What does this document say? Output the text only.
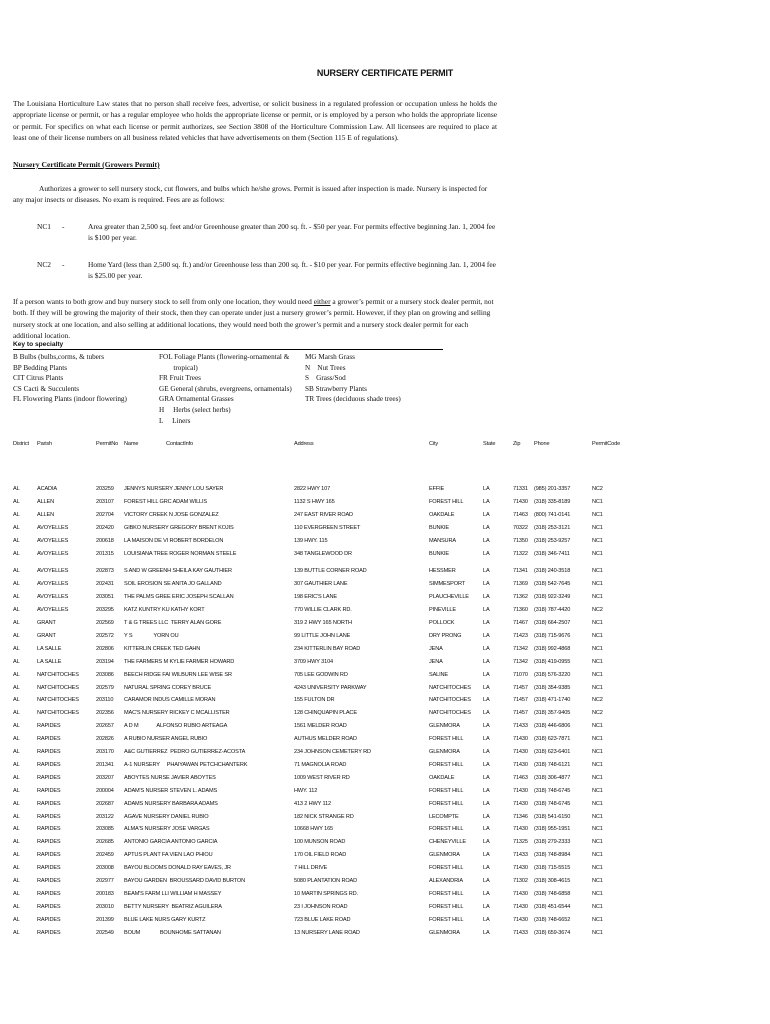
NURSERY CERTIFICATE PERMIT
The Louisiana Horticulture Law states that no person shall receive fees, advertise, or solicit business in a regulated profession or occupation unless he holds the appropriate license or permit, or has a regular employee who holds the appropriate license or permit, or is employed by a person who holds the appropriate license or permit. For specifics on what each license or permit authorizes, see Section 3808 of the Horticulture Commission Law. All licensees are required to place at least one of their license numbers on all business related vehicles that have advertisements on them (Section 115 E of regulations).
Nursery Certificate Permit (Growers Permit)
Authorizes a grower to sell nursery stock, cut flowers, and bulbs which he/she grows. Permit is issued after inspection is made. Nursery is inspected for any major insects or diseases. No exam is required. Fees are as follows:
NC1 -	Area greater than 2,500 sq. feet and/or Greenhouse greater than 200 sq. ft. - $50 per year. For permits effective beginning Jan. 1, 2004 fee is $100 per year.
NC2 -	Home Yard (less than 2,500 sq. ft.) and/or Greenhouse less than 200 sq. ft. - $10 per year. For permits effective beginning Jan. 1, 2004 fee is $25.00 per year.
If a person wants to both grow and buy nursery stock to sell from only one location, they would need either a grower’s permit or a nursery stock dealer permit, not both. If they will be growing the majority of their stock, then they can operate under just a nursery grower’s permit. However, if they plan on growing and selling nursery stock at one location, and also selling at additional locations, they would need both the grower’s permit and a nursery stock dealer permit for each additional location.
Key to specialty
B Bulbs (bulbs,corms, & tubers
BP Bedding Plants
CIT Citrus Plants
CS Cacti & Succulents
FL Flowering Plants (indoor flowering)
FOL Foliage Plants (flowering-ornamental &
tropical)
FR Fruit Trees
GE General (shrubs, evergreens, ornamentals)
GRA Ornamental Grasses
H     Herbs (select herbs)
L     Liners
MG Marsh Grass
N    Nut Trees
S    Grass/Sod
SB Strawberry Plants
TR Trees (deciduous shade trees)
District Parish	PermitNo Name	ContactInfo	Address	City	State	Zip Phone	PermitCode
AL	ACADIA	203259 JENNYS NURSERY JENNY LOU SAYER	2822 HWY 107	EFFIE	LA	71331 (985) 201-3357	NC2
AL	ALLEN	203107 FOREST HILL GRC ADAM WILLIS	1132 S HWY 165	FOREST HILL	LA	71430 (318) 335-8189	NC1
AL	ALLEN	202704 VICTORY CREEK N JOSE GONZALEZ	247 EAST RIVER ROAD	OAKDALE	LA	71463 (800) 741-0141	NC1
AL	AVOYELLES	202420 GIBKO NURSERY GREGORY BRENT KOJIS	110 EVERGREEN STREET	BUNKIE	LA	70322 (318) 253-3121	NC1
AL	AVOYELLES	200618 LA MAISON DE VI ROBERT BORDELON	139 HWY. 115	MANSURA	LA	71350 (318) 253-9257	NC1
AL	AVOYELLES	201315 LOUISIANA TREE ROGER NORMAN STEELE	348 TANGLEWOOD DR	BUNKIE	LA	71322 (318) 346-7411	NC1
AL	AVOYELLES	202873 S AND W GREENH SHEILA KAY GAUTHIER	139 BUTTLE CORNER ROAD	HESSMER	LA	71341 (318) 240-3518	NC1
AL	AVOYELLES	202431 SOIL EROSION SE ANITA JO GALLAND	307 GAUTHIER LANE	SIMMESPORT	LA	71369 (318) 542-7645	NC1
AL	AVOYELLES	203051 THE PALMS GREE ERIC JOSEPH SCALLAN	198 ERIC'S LANE	PLAUCHEVILLE	LA	71362 (318) 922-3249	NC1
AL	AVOYELLES	203295 KATZ KUNTRY KU KATHY KORT	770 WILLIE CLARK RD.	PINEVILLE	LA	71360 (318) 787-4420	NC2
AL	GRANT	202569 T & G TREES LLC  TERRY ALAN GORE	319 2 HWY 165 NORTH	POLLOCK	LA	71467 (318) 664-2507	NC1
AL	GRANT	202572 Y S               YORN OU	99 LITTLE JOHN LANE	DRY PRONG	LA	71423 (318) 715-9676	NC1
AL	LA SALLE	202806 KITTERLIN CREEK TED GAHN	234 KITTERLIN BAY ROAD	JENA	LA	71342 (318) 992-4868	NC1
AL	LA SALLE	203194 THE FARMERS M KYLIE FARMER HOWARD	3709 HWY 3104	JENA	LA	71342 (318) 419-0955	NC1
AL	NATCHITOCHES	203086 BEECH RIDGE FAI WILBURN LEE WISE SR	705 LEE GODWIN RD	SALINE	LA	71070 (318) 576-3220	NC1
AL	NATCHITOCHES	202579 NATURAL SPRING COREY BRUCE	4243 UNIVERSITY PARKWAY	NATCHITOCHES LA	71457 (318) 354-9385	NC1
AL	NATCHITOCHES	203110 CARAMOR INDUS CAMILLE MORAN	155 FULTON DR	NATCHITOCHES LA	71457 (318) 471-1740	NC2
AL	NATCHITOCHES	202356 MAC'S NURSERY RICKEY C MCALLISTER	128 CHINQUAPIN PLACE	NATCHITOCHES LA	71457 (318) 357-9405	NC2
AL	RAPIDES	202657 A D M             ALFONSO RUBIO ARTEAGA	1561 MELDER ROAD	GLENMORA	LA	71433 (318) 446-6806	NC1
AL	RAPIDES	202826 A RUBIO NURSER ANGEL RUBIO	AUTHUS MELDER ROAD	FOREST HILL	LA	71430 (318) 623-7871	NC1
AL	RAPIDES	203170 A&C GUTIERREZ  PEDRO GUTIERREZ-ACOSTA	234 JOHNSON CEMETERY RD	GLENMORA	LA	71430 (318) 623-6401	NC1
AL	RAPIDES	201341 A-1 NURSERY     PHAIYAWAN PETCHCHANTERK	71 MAGNOLIA ROAD	FOREST HILL	LA	71430 (318) 748-6121	NC1
AL	RAPIDES	203207 ABOYTES NURSE JAVIER ABOYTES	1009 WEST RIVER RD	OAKDALE	LA	71463 (318) 306-4877	NC1
AL	RAPIDES	200004 ADAM'S NURSER STEVEN L. ADAMS	HWY. 112	FOREST HILL	LA	71430 (318) 748-6745	NC1
AL	RAPIDES	202687 ADAMS NURSERY BARBARA ADAMS	413 2 HWY 112	FOREST HILL	LA	71430 (318) 748-6745	NC1
AL	RAPIDES	203122 AGAVE NURSERY DANIEL RUBIO	182 NICK STRANGE RD	LECOMPTE	LA	71346 (318) 541-6150	NC1
AL	RAPIDES	203085 ALMA'S NURSERY JOSE VARGAS	10668 HWY 165	FOREST HILL	LA	71430 (318) 955-1951	NC1
AL	RAPIDES	202685 ANTONIO GARCIA ANTONIO GARCIA	100 MUNSON ROAD	CHENEYVILLE	LA	71325 (318) 279-2333	NC1
AL	RAPIDES	202459 APTUS PLANT FA VIEN LAO PHIOU	170 OIL FIELD ROAD	GLENMORA	LA	71433 (318) 748-8984	NC1
AL	RAPIDES	203008 BAYOU BLOOMS DONALD RAY EAVES, JR	7 HILL DRIVE	FOREST HILL	LA	71430 (318) 715-5515	NC1
AL	RAPIDES	202977 BAYOU GARDEN  BROUSSARD DAVID BURTON	5080 PLANTATION ROAD	ALEXANDRIA	LA	71302 (318) 308-4615	NC1
AL	RAPIDES	200183 BEAM'S FARM LLI WILLIAM H MASSEY	10 MARTIN SPRINGS RD.	FOREST HILL	LA	71430 (318) 748-6858	NC1
AL	RAPIDES	203010 BETTY NURSERY  BEATRIZ AGUILERA	23 I JOHNSON ROAD	FOREST HILL	LA	71430 (318) 451-6544	NC1
AL	RAPIDES	201399 BLUE LAKE NURS GARY KURTZ	723 BLUE LAKE ROAD	FOREST HILL	LA	71430 (318) 748-6652	NC1
AL	RAPIDES	202549 BOUM              BOUNHOME SATTANAN	13 NURSERY LANE ROAD	GLENMORA	LA	71433 (318) 659-3674	NC1
